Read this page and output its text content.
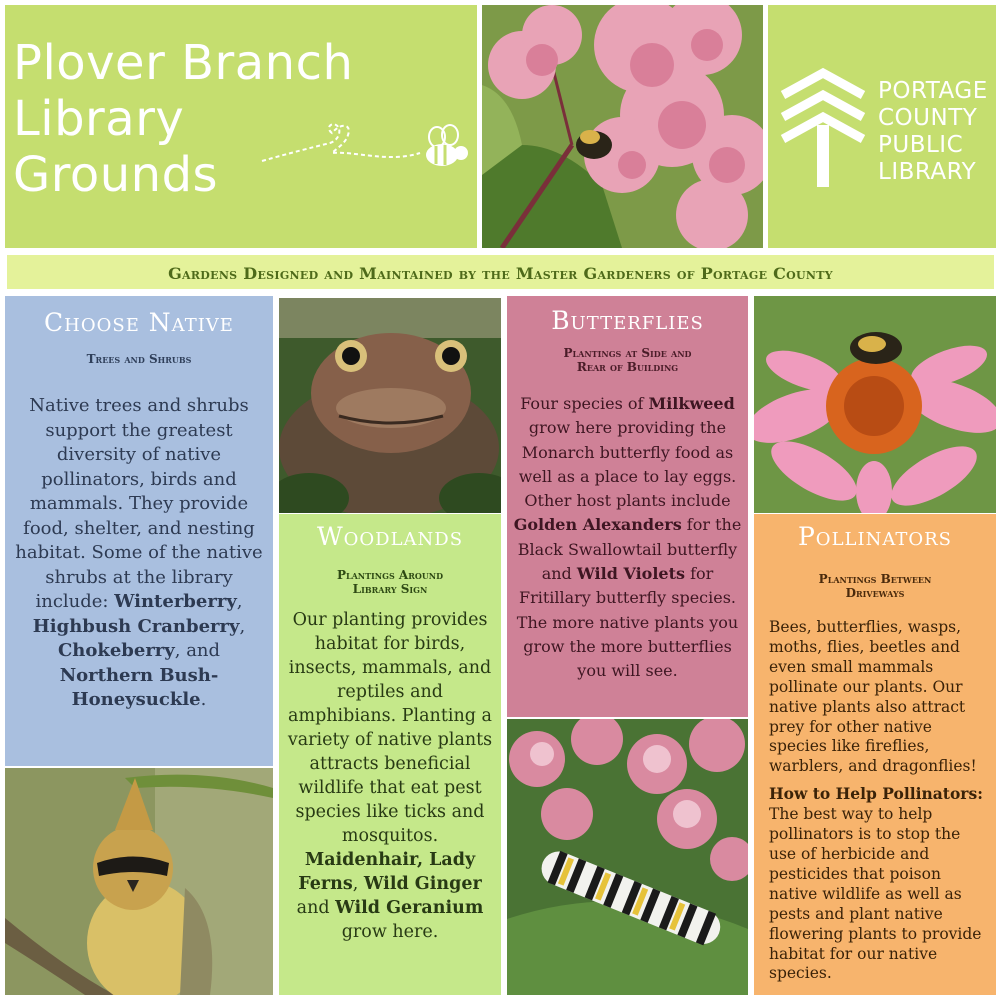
Plover Branch
Library
Grounds
PORTAGE
COUNTY
PUBLIC
LIBRARY
Gardens Designed and Maintained by the Master Gardeners of Portage County
Choose Native
Trees and Shrubs
Native trees and shrubs support the greatest diversity of native pollinators, birds and mammals. They provide food, shelter, and nesting habitat. Some of the native shrubs at the library include: Winterberry, Highbush Cranberry, Chokeberry, and Northern Bush-Honeysuckle.
Woodlands
Plantings Around
Library Sign
Our planting provides habitat for birds, insects, mammals, and reptiles and amphibians. Planting a variety of native plants attracts beneficial wildlife that eat pest species like ticks and mosquitos. Maidenhair, Lady Ferns, Wild Ginger and Wild Geranium grow here.
Butterflies
Plantings at Side and
Rear of Building
Four species of Milkweed grow here providing the Monarch butterfly food as well as a place to lay eggs. Other host plants include Golden Alexanders for the Black Swallowtail butterfly and Wild Violets for Fritillary butterfly species. The more native plants you grow the more butterflies you will see.
Pollinators
Plantings Between
Driveways
Bees, butterflies, wasps, moths, flies, beetles and even small mammals pollinate our plants. Our native plants also attract prey for other native species like fireflies, warblers, and dragonflies!
How to Help Pollinators: The best way to help pollinators is to stop the use of herbicide and pesticides that poison native wildlife as well as pests and plant native flowering plants to provide habitat for our native species.
